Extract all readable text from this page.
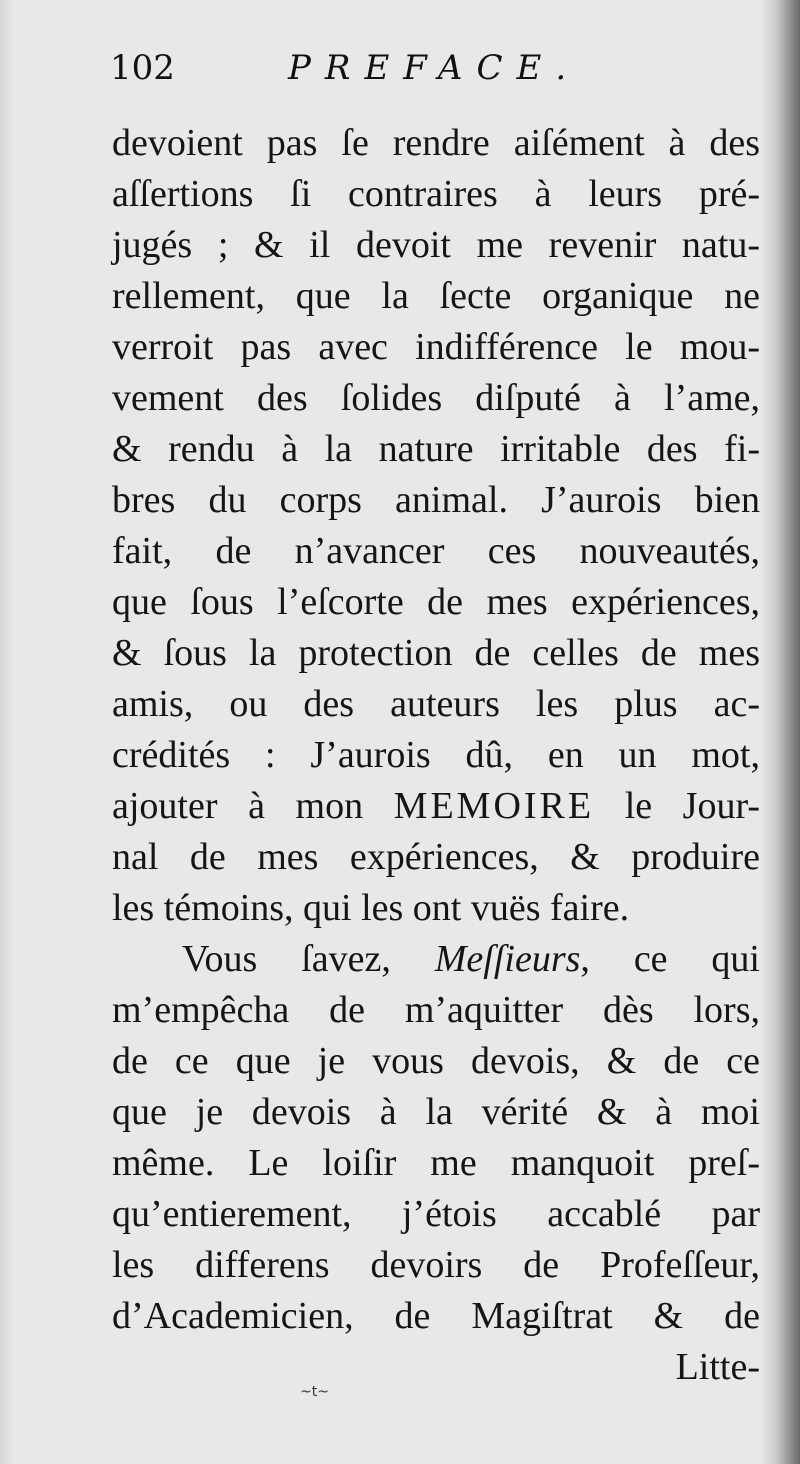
102	PREFACE.
devoient pas ſe rendre aiſément à des
aſſertions ſi contraires à leurs pré-
jugés ; & il devoit me revenir natu-
rellement, que la ſecte organique ne
verroit pas avec indifférence le mou-
vement des ſolides diſputé à l’ame,
& rendu à la nature irritable des fi-
bres du corps animal. J’aurois bien
fait, de n’avancer ces nouveautés,
que ſous l’eſcorte de mes expériences,
& ſous la protection de celles de mes
amis, ou des auteurs les plus ac-
crédités : J’aurois dû, en un mot,
ajouter à mon MEMOIRE le Jour-
nal de mes expériences, & produire
les témoins, qui les ont vuës faire.
Vous ſavez, Meſſieurs, ce qui
m’empêcha de m’aquitter dès lors,
de ce que je vous devois, & de ce
que je devois à la vérité & à moi
même. Le loiſir me manquoit preſ-
qu’entierement, j’étois accablé par
les differens devoirs de Profeſſeur,
d’Academicien, de Magiſtrat & de
Litte-
~t~
